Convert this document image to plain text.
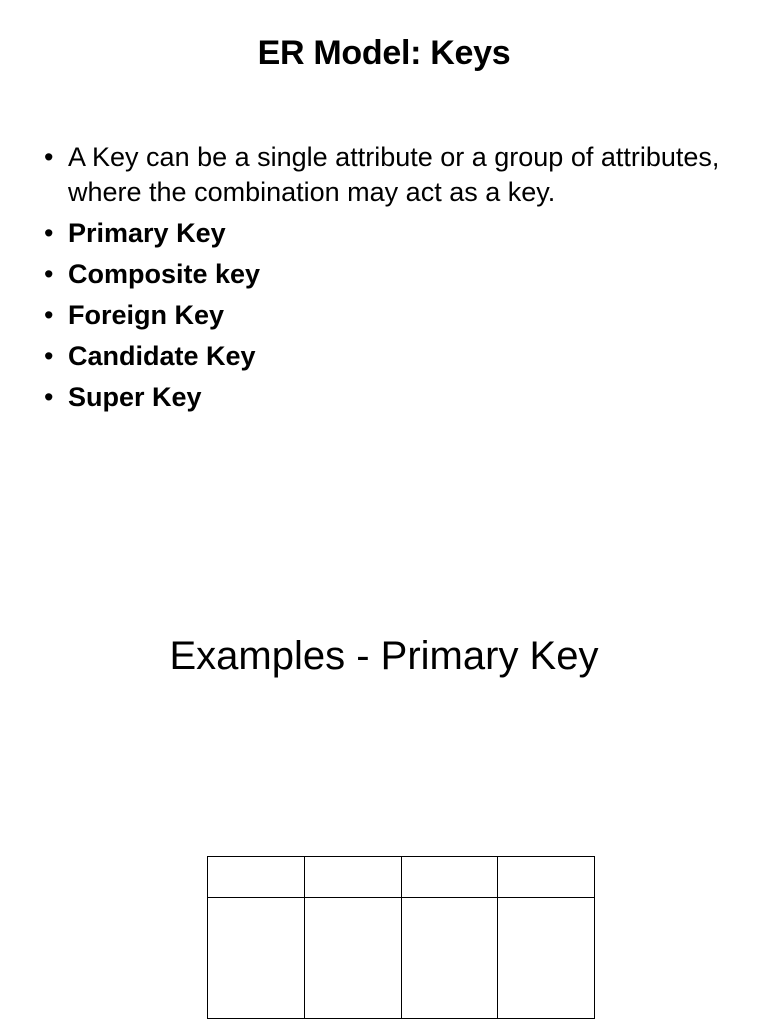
ER Model: Keys
• A Key can be a single attribute or a group of attributes, where the combination may act as a key.
• Primary Key
• Composite key
• Foreign Key
• Candidate Key
• Super Key
Examples - Primary Key
